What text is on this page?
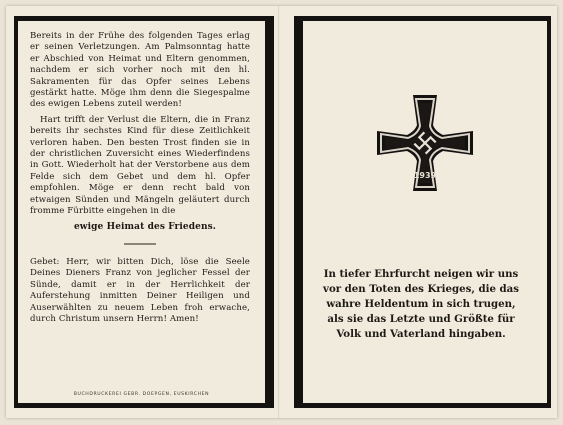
Bereits in der Frühe des folgenden Tages erlag er seinen Verletzungen. Am Palmsonntag hatte er Abschied von Heimat und Eltern genommen, nachdem er sich vorher noch mit den hl. Sakramenten für das Opfer seines Lebens gestärkt hatte. Möge ihm denn die Siegespalme des ewigen Lebens zuteil werden!

Hart trifft der Verlust die Eltern, die in Franz bereits ihr sechstes Kind für diese Zeitlichkeit verloren haben. Den besten Trost finden sie in der christlichen Zuversicht eines Wiederfindens in Gott. Wiederholt hat der Verstorbene aus dem Felde sich dem Gebet und dem hl. Opfer empfohlen. Möge er denn recht bald von etwaigen Sünden und Mängeln geläutert durch fromme Fürbitte eingehen in die

ewige Heimat des Friedens.

Gebet: Herr, wir bitten Dich, löse die Seele Deines Dieners Franz von jeglicher Fessel der Sünde, damit er in der Herrlichkeit der Auferstehung inmitten Deiner Heiligen und Auserwählten zu neuem Leben froh erwache, durch Christum unsern Herrn! Amen!

BUCHDRUCKEREI GEBR. DOEPGEN, EUSKIRCHEN
1939
In tiefer Ehrfurcht neigen wir uns vor den Toten des Krieges, die das wahre Heldentum in sich trugen, als sie das Letzte und Größte für Volk und Vaterland hingaben.
